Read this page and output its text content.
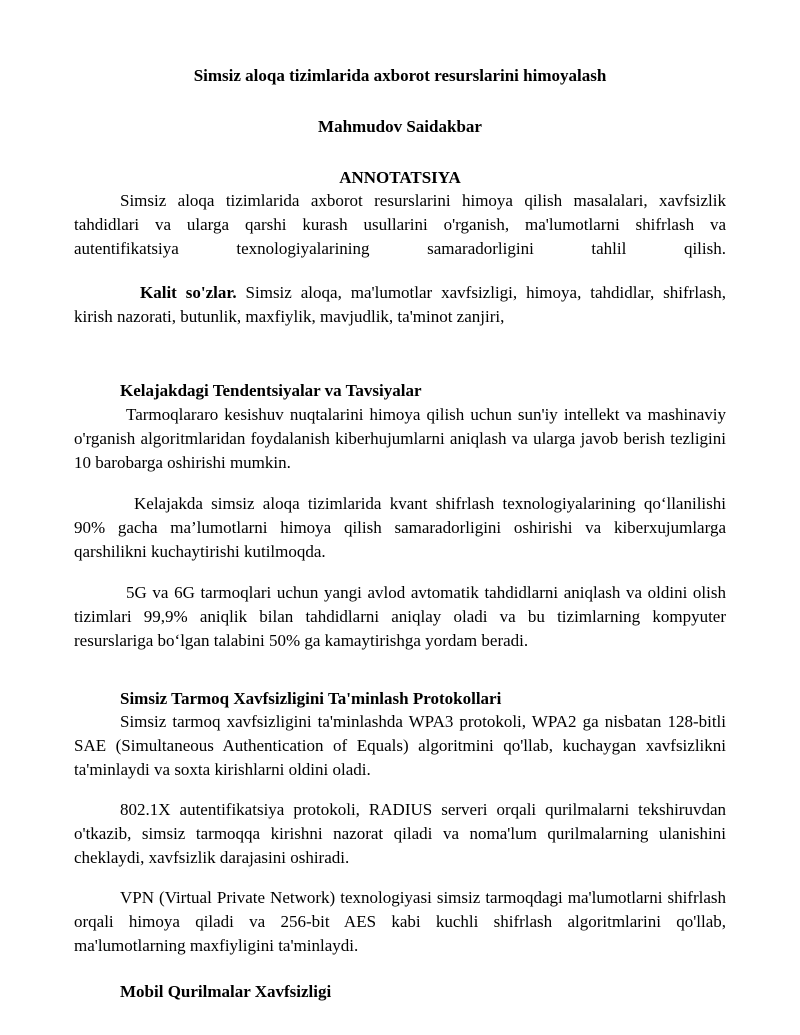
Simsiz aloqa tizimlarida axborot resurslarini himoyalash
Mahmudov Saidakbar
ANNOTATSIYA
Simsiz aloqa tizimlarida axborot resurslarini himoya qilish masalalari, xavfsizlik tahdidlari va ularga qarshi kurash usullarini o'rganish, ma'lumotlarni shifrlash va autentifikatsiya texnologiyalarining samaradorligini tahlil qilish.
Kalit so'zlar. Simsiz aloqa, ma'lumotlar xavfsizligi, himoya, tahdidlar, shifrlash, kirish nazorati, butunlik, maxfiylik, mavjudlik, ta'minot zanjiri,
Kelajakdagi Tendentsiyalar va Tavsiyalar
Tarmoqlararo kesishuv nuqtalarini himoya qilish uchun sun'iy intellekt va mashinaviy o'rganish algoritmlaridan foydalanish kiberhujumlarni aniqlash va ularga javob berish tezligini 10 barobarga oshirishi mumkin.
Kelajakda simsiz aloqa tizimlarida kvant shifrlash texnologiyalarining qo‘llanilishi 90% gacha ma’lumotlarni himoya qilish samaradorligini oshirishi va kiberxujumlarga qarshilikni kuchaytirishi kutilmoqda.
5G va 6G tarmoqlari uchun yangi avlod avtomatik tahdidlarni aniqlash va oldini olish tizimlari 99,9% aniqlik bilan tahdidlarni aniqlay oladi va bu tizimlarning kompyuter resurslariga bo‘lgan talabini 50% ga kamaytirishga yordam beradi.
Simsiz Tarmoq Xavfsizligini Ta'minlash Protokollari
Simsiz tarmoq xavfsizligini ta'minlashda WPA3 protokoli, WPA2 ga nisbatan 128-bitli SAE (Simultaneous Authentication of Equals) algoritmini qo'llab, kuchaygan xavfsizlikni ta'minlaydi va soxta kirishlarni oldini oladi.
802.1X autentifikatsiya protokoli, RADIUS serveri orqali qurilmalarni tekshiruvdan o'tkazib, simsiz tarmoqqa kirishni nazorat qiladi va noma'lum qurilmalarning ulanishini cheklaydi, xavfsizlik darajasini oshiradi.
VPN (Virtual Private Network) texnologiyasi simsiz tarmoqdagi ma'lumotlarni shifrlash orqali himoya qiladi va 256-bit AES kabi kuchli shifrlash algoritmlarini qo'llab, ma'lumotlarning maxfiyligini ta'minlaydi.
Mobil Qurilmalar Xavfsizligi
